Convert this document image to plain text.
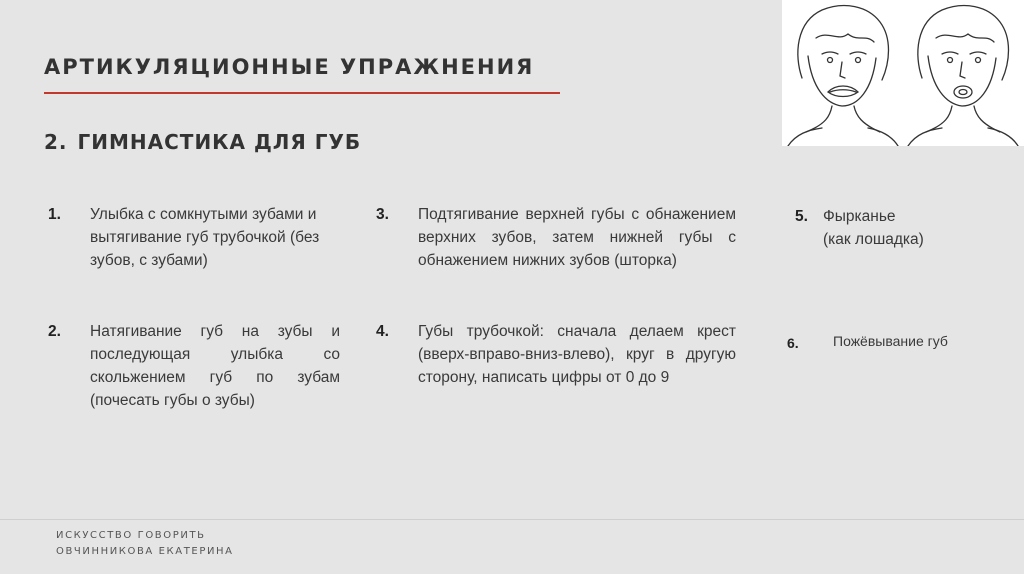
АРТИКУЛЯЦИОННЫЕ УПРАЖНЕНИЯ
2. ГИМНАСТИКА ДЛЯ ГУБ
1. Улыбка с сомкнутыми зубами и вытягивание губ трубочкой (без зубов, с зубами)
2. Натягивание губ на зубы и последующая улыбка со скольжением губ по зубам (почесать губы о зубы)
3. Подтягивание верхней губы с обнажением верхних зубов, затем нижней губы с обнажением нижних зубов (шторка)
4. Губы трубочкой: сначала делаем крест (вверх-вправо-вниз-влево), круг в другую сторону, написать цифры от 0 до 9
5. Фырканье
(как лошадка)
6. Пожёвывание губ
ИСКУССТВО ГОВОРИТЬ
ОВЧИННИКОВА ЕКАТЕРИНА
